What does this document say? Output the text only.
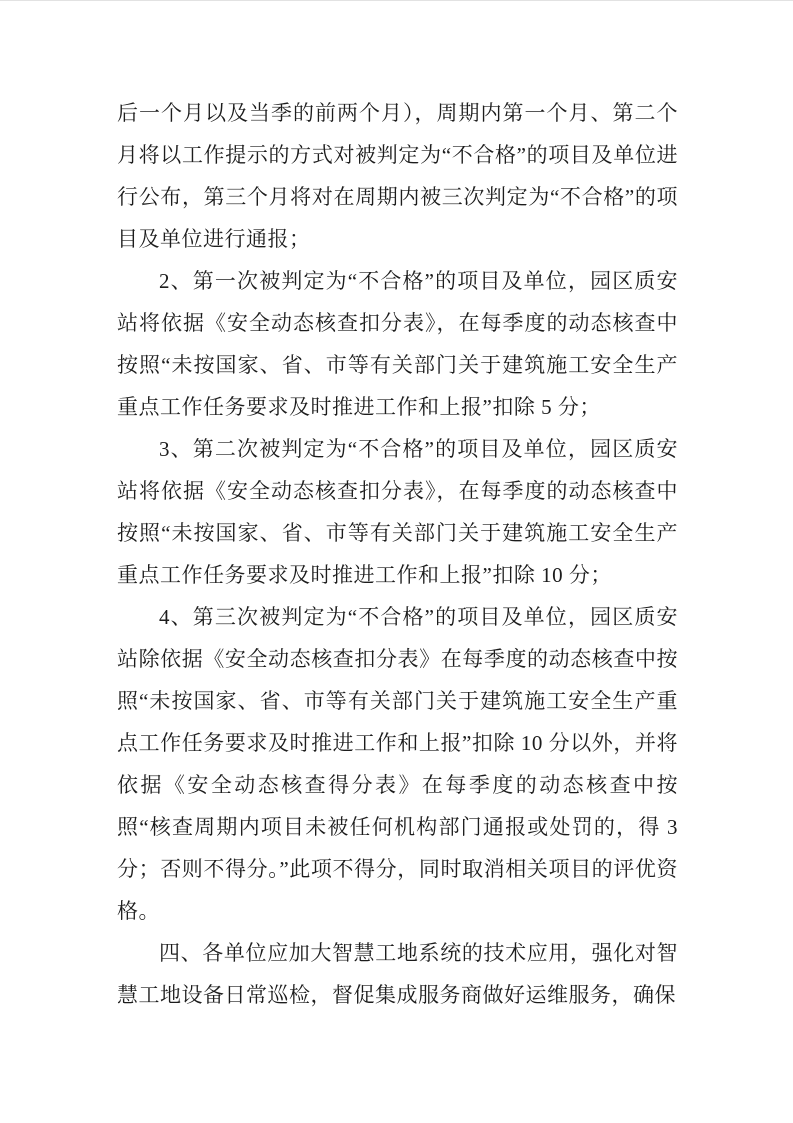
后一个月以及当季的前两个月），周期内第一个月、第二个月将以工作提示的方式对被判定为“不合格”的项目及单位进行公布，第三个月将对在周期内被三次判定为“不合格”的项目及单位进行通报；

2、第一次被判定为“不合格”的项目及单位，园区质安站将依据《安全动态核查扣分表》，在每季度的动态核查中按照“未按国家、省、市等有关部门关于建筑施工安全生产重点工作任务要求及时推进工作和上报”扣除 5 分；

3、第二次被判定为“不合格”的项目及单位，园区质安站将依据《安全动态核查扣分表》，在每季度的动态核查中按照“未按国家、省、市等有关部门关于建筑施工安全生产重点工作任务要求及时推进工作和上报”扣除 10 分；

4、第三次被判定为“不合格”的项目及单位，园区质安站除依据《安全动态核查扣分表》在每季度的动态核查中按照“未按国家、省、市等有关部门关于建筑施工安全生产重点工作任务要求及时推进工作和上报”扣除 10 分以外，并将依据《安全动态核查得分表》在每季度的动态核查中按照“核查周期内项目未被任何机构部门通报或处罚的，得 3 分；否则不得分。”此项不得分，同时取消相关项目的评优资格。

四、各单位应加大智慧工地系统的技术应用，强化对智慧工地设备日常巡检，督促集成服务商做好运维服务，确保
